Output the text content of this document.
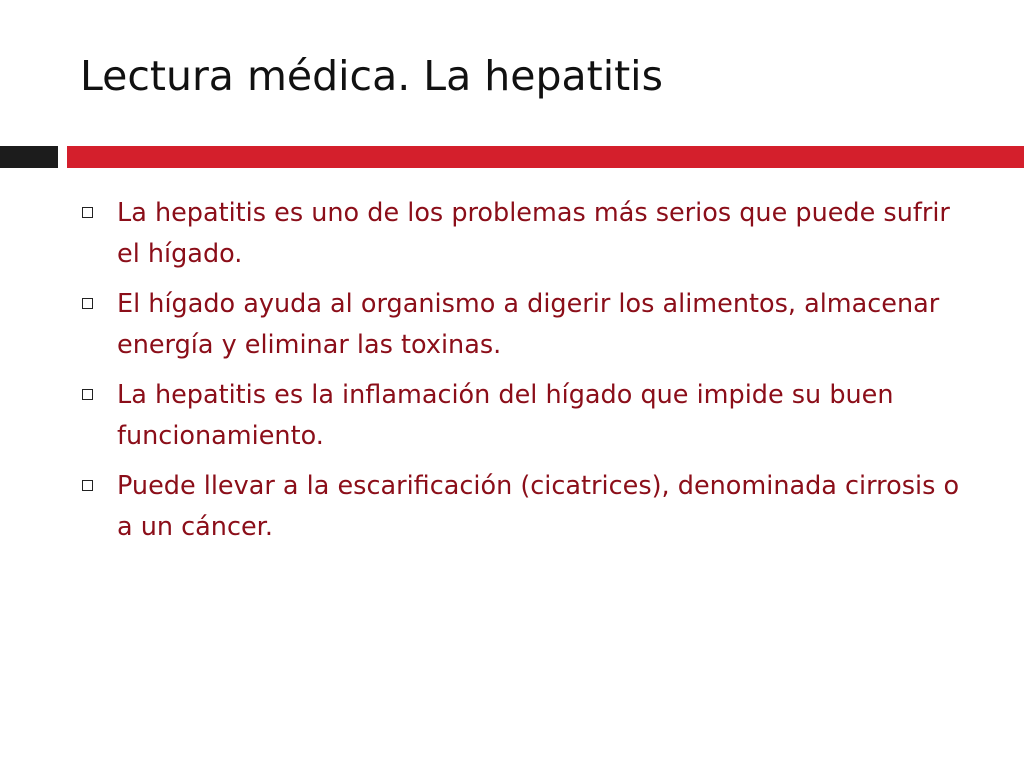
Lectura médica. La hepatitis
La hepatitis es uno de los problemas más serios que puede sufrir el hígado.
El hígado ayuda al organismo a digerir los alimentos, almacenar energía y eliminar las toxinas.
La hepatitis es la inflamación del hígado que impide su buen funcionamiento.
Puede llevar a la escarificación (cicatrices), denominada cirrosis o a un cáncer.
